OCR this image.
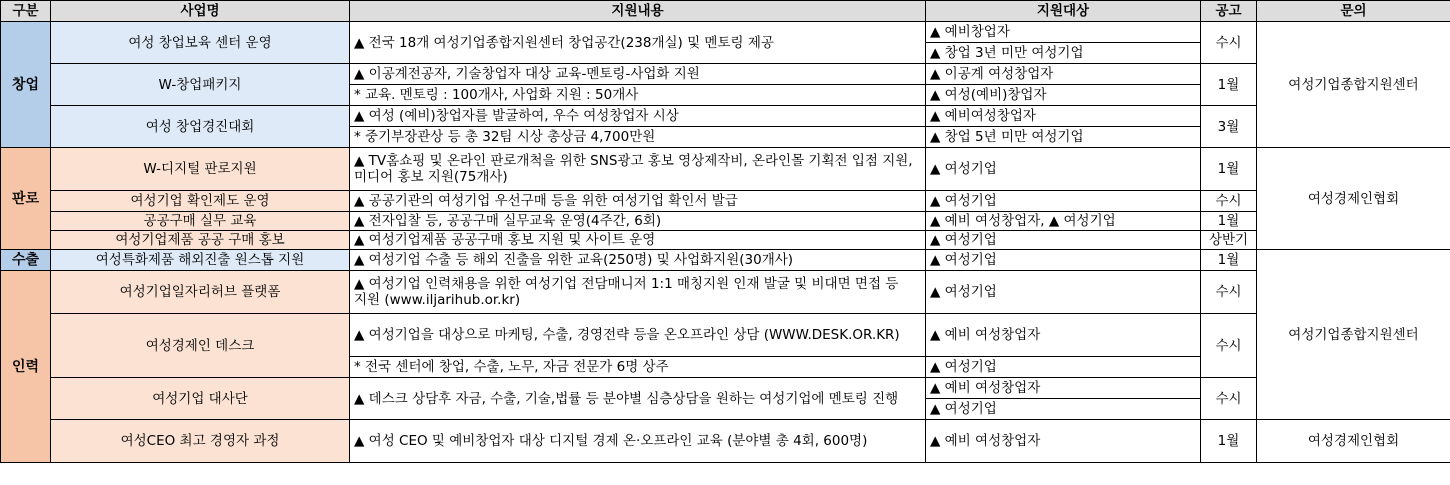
구분	사업명	지원내용	지원대상	공고	문의
창업	여성 창업보육 센터 운영	▲ 전국 18개 여성기업종합지원센터 창업공간(238개실) 및 멘토링 제공	▲ 예비창업자	수시	여성기업종합지원센터
			▲ 창업 3년 미만 여성기업		
	W-창업패키지	▲ 이공계전공자, 기술창업자 대상 교육-멘토링-사업화 지원	▲ 이공계 여성창업자	1월	
		* 교육. 멘토링 : 100개사, 사업화 지원 : 50개사	▲ 여성(예비)창업자		
	여성 창업경진대회	▲ 여성 (예비)창업자를 발굴하여, 우수 여성창업자 시상	▲ 예비여성창업자	3월	
		* 중기부장관상 등 총 32팀 시상 총상금 4,700만원	▲ 창업 5년 미만 여성기업		
판로	W-디지털 판로지원	▲ TV홈쇼핑 및 온라인 판로개척을 위한 SNS광고 홍보 영상제작비, 온라인몰 기획전 입점 지원, 미디어 홍보 지원(75개사)	▲ 여성기업	1월	여성경제인협회
	여성기업 확인제도 운영	▲ 공공기관의 여성기업 우선구매 등을 위한 여성기업 확인서 발급	▲ 여성기업	수시	
	공공구매 실무 교육	▲ 전자입찰 등, 공공구매 실무교육 운영(4주간, 6회)	▲ 예비 여성창업자, ▲ 여성기업	1월	
	여성기업제품 공공 구매 홍보	▲ 여성기업제품 공공구매 홍보 지원 및 사이트 운영	▲ 여성기업	상반기	
수출	여성특화제품 해외진출 원스톱 지원	▲ 여성기업 수출 등 해외 진출을 위한 교육(250명) 및 사업화지원(30개사)	▲ 여성기업	1월	여성기업종합지원센터
인력	여성기업일자리허브 플랫폼	▲ 여성기업 인력채용을 위한 여성기업 전담매니저 1:1 매칭지원 인재 발굴 및 비대면 면접 등 지원 (www.iljarihub.or.kr)	▲ 여성기업	수시	
	여성경제인 데스크	▲ 여성기업을 대상으로 마케팅, 수출, 경영전략 등을 온오프라인 상담 (WWW.DESK.OR.KR)	▲ 예비 여성창업자	수시	
		* 전국 센터에 창업, 수출, 노무, 자금 전문가 6명 상주	▲ 여성기업		
	여성기업 대사단	▲ 데스크 상담후 자금, 수출, 기술,법률 등 분야별 심층상담을 원하는 여성기업에 멘토링 진행	▲ 예비 여성창업자	수시	
			▲ 여성기업		
	여성CEO 최고 경영자 과정	▲ 여성 CEO 및 예비창업자 대상 디지털 경제 온·오프라인 교육 (분야별 총 4회, 600명)	▲ 예비 여성창업자	1월	여성경제인협회
